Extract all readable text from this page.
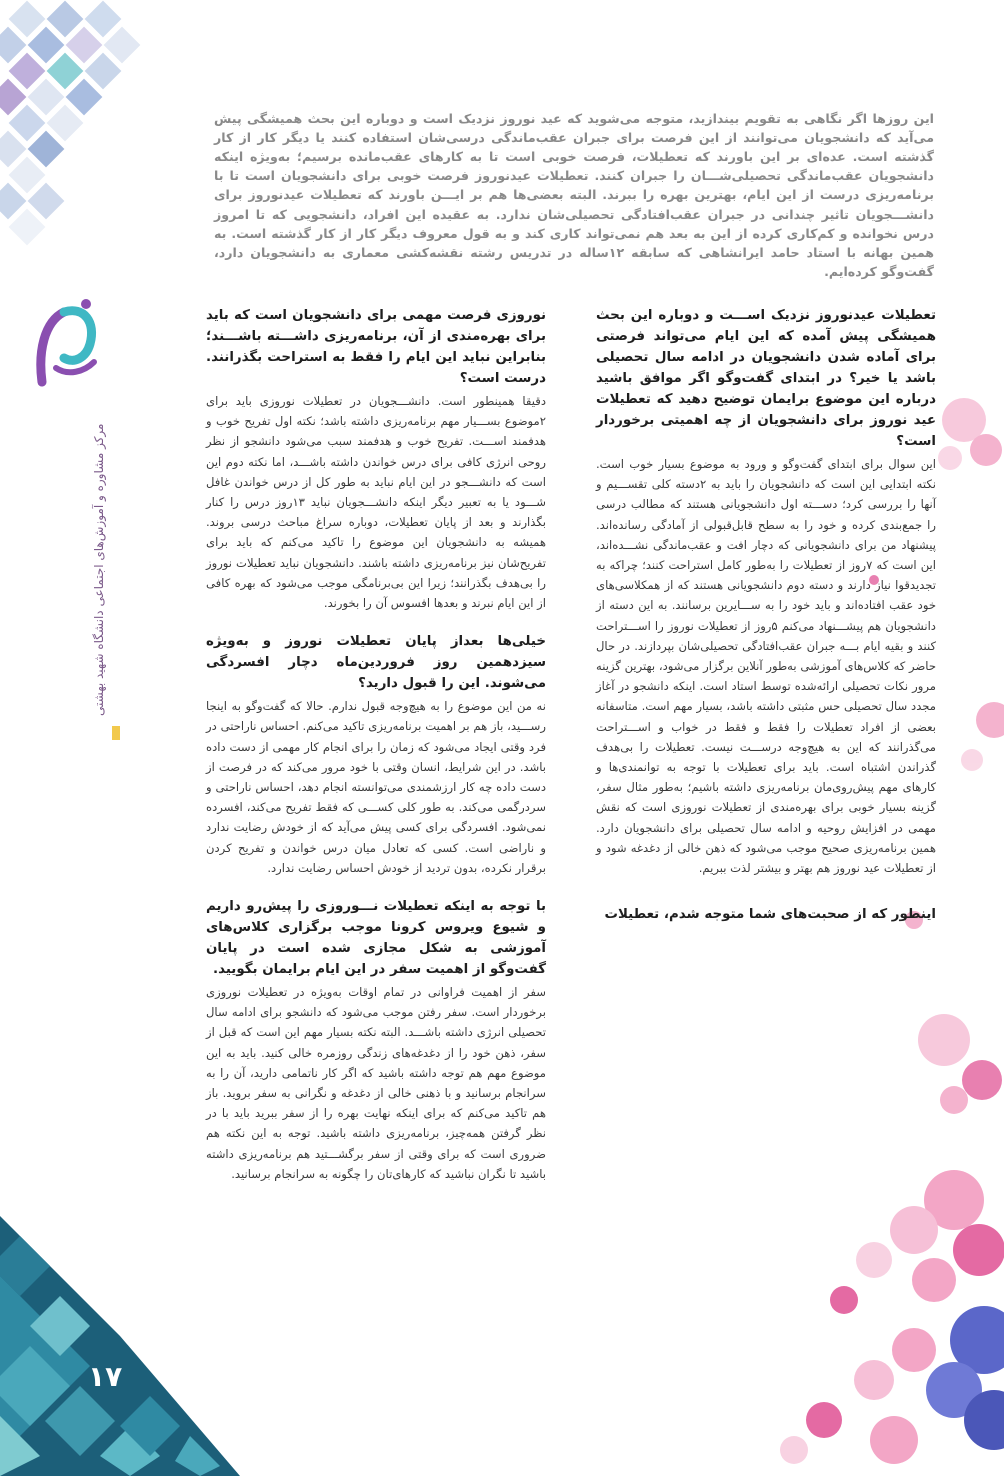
مرکز مشاوره و آموزش‌های اجتماعی دانشگاه شهید بهشتی
۱۷

این روزها اگر نگاهی به تقویم بیندازید، متوجه می‌شوید که عید نوروز نزدیک است و دوباره این بحث همیشگی پیش می‌آید که دانشجویان می‌توانند از این فرصت برای جبران عقب‌ماندگی درسی‌شان استفاده کنند یا دیگر کار از کار گذشته است. عده‌ای بر این باورند که تعطیلات، فرصت خوبی است تا به کارهای عقب‌مانده برسیم؛ به‌ویژه اینکه دانشجویان عقب‌ماندگی تحصیلی‌شـــان را جبران کنند. تعطیلات عیدنوروز فرصت خوبی برای دانشجویان است تا با برنامه‌ریزی درست از این ایام، بهترین بهره را ببرند. البته بعضی‌ها هم بر ایـــن باورند که تعطیلات عیدنوروز برای دانشـــجویان تاثیر چندانی در جبران عقب‌افتادگی تحصیلی‌شان ندارد. به عقیده این افراد، دانشجویی که تا امروز درس نخوانده و کم‌کاری کرده از این به بعد هم نمی‌تواند کاری کند و به قول معروف دیگر کار از کار گذشته است. به همین بهانه با استاد حامد ایرانشاهی که سابقه ۱۲ساله در تدریس رشته نقشه‌کشی معماری به دانشجویان دارد، گفت‌وگو کرده‌ایم.

تعطیلات عیدنوروز نزدیک اســـت و دوباره این بحث همیشگی پیش آمده که این ایام می‌تواند فرصتی برای آماده شدن دانشجویان در ادامه سال تحصیلی باشد یا خیر؟ در ابتدای گفت‌وگو اگر موافق باشید درباره این موضوع برایمان توضیح دهید که تعطیلات عید نوروز برای دانشجویان از چه اهمیتی برخوردار است؟

این سوال برای ابتدای گفت‌وگو و ورود به موضوع بسیار خوب است. نکته ابتدایی این است که دانشجویان را باید به ۲دسته کلی تقســـیم و آنها را بررسی کرد؛ دســـته اول دانشجویانی هستند که مطالب درسی را جمع‌بندی کرده و خود را به سطح قابل‌قبولی از آمادگی رسانده‌اند. پیشنهاد من برای دانشجویانی که دچار افت و عقب‌ماندگی نشـــده‌اند، این است که ۷روز از تعطیلات را به‌طور کامل استراحت کنند؛ چراکه به تجدیدقوا نیاز دارند و دسته دوم دانشجویانی هستند که از همکلاسی‌های خود عقب افتاده‌اند و باید خود را به ســـایرین برسانند. به این دسته از دانشجویان هم پیشـــنهاد می‌کنم ۵روز از تعطیلات نوروز را اســـتراحت کنند و بقیه ایام بـــه جبران عقب‌افتادگی تحصیلی‌شان بپردازند. در حال حاضر که کلاس‌های آموزشی به‌طور آنلاین برگزار می‌شود، بهترین گزینه مرور نکات تحصیلی ارائه‌شده توسط استاد است. اینکه دانشجو در آغاز مجدد سال تحصیلی حس مثبتی داشته باشد، بسیار مهم است. متاسفانه بعضی از افراد تعطیلات را فقط و فقط در خواب و اســـتراحت می‌گذرانند که این به هیچ‌وجه درســـت نیست. تعطیلات را بی‌هدف گذراندن اشتباه است. باید برای تعطیلات با توجه به توانمندی‌ها و کارهای مهم پیش‌روی‌مان برنامه‌ریزی داشته باشیم؛ به‌طور مثال سفر، گزینه بسیار خوبی برای بهره‌مندی از تعطیلات نوروزی است که نقش مهمی در افزایش روحیه و ادامه سال تحصیلی برای دانشجویان دارد. همین برنامه‌ریزی صحیح موجب می‌شود که ذهن خالی از دغدغه شود و از تعطیلات عید نوروز هم بهتر و بیشتر لذت ببریم.

اینطور که از صحبت‌های شما متوجه شدم، تعطیلات

نوروزی فرصت مهمی برای دانشجویان است که باید برای بهره‌مندی از آن، برنامه‌ریزی داشـــته باشـــند؛ بنابراین نباید این ایام را فقط به استراحت بگذرانند. درست است؟

دقیقا همینطور است. دانشـــجویان در تعطیلات نوروزی باید برای ۲موضوع بســـیار مهم برنامه‌ریزی داشته باشد؛ نکته اول تفریح خوب و هدفمند اســـت. تفریح خوب و هدفمند سبب می‌شود دانشجو از نظر روحی انرژی کافی برای درس خواندن داشته باشـــد، اما نکته دوم این است که دانشـــجو در این ایام نباید به طور کل از درس خواندن غافل شـــود یا به تعبیر دیگر اینکه دانشـــجویان نباید ۱۳روز درس را کنار بگذارند و بعد از پایان تعطیلات، دوباره سراغ مباحث درسی بروند. همیشه به دانشجویان این موضوع را تاکید می‌کنم که باید برای تفریح‌شان نیز برنامه‌ریزی داشته باشند. دانشجویان نباید تعطیلات نوروز را بی‌هدف بگذرانند؛ زیرا این بی‌برنامگی موجب می‌شود که بهره کافی از این ایام نبرند و بعدها افسوس آن را بخورند.

خیلی‌ها بعداز پایان تعطیلات نوروز و به‌ویژه سیزدهمین روز فروردین‌ماه دچار افسردگی می‌شوند. این را قبول دارید؟

نه من این موضوع را به هیچ‌وجه قبول ندارم. حالا که گفت‌وگو به اینجا رســـید، باز هم بر اهمیت برنامه‌ریزی تاکید می‌کنم. احساس ناراحتی در فرد وقتی ایجاد می‌شود که زمان را برای انجام کار مهمی از دست داده باشد. در این شرایط، انسان وقتی با خود مرور می‌کند که در فرصت از دست داده چه کار ارزشمندی می‌توانسته انجام دهد، احساس ناراحتی و سردرگمی می‌کند. به طور کلی کســـی که فقط تفریح می‌کند، افسرده نمی‌شود. افسردگی برای کسی پیش می‌آید که از خودش رضایت ندارد و ناراضی است. کسی که تعادل میان درس خواندن و تفریح کردن برقرار نکرده، بدون تردید از خودش احساس رضایت ندارد.

با توجه به اینکه تعطیلات نـــوروزی را پیش‌رو داریم و شیوع ویروس کرونا موجب برگزاری کلاس‌های آموزشی به شکل مجازی شده است در پایان گفت‌وگو از اهمیت سفر در این ایام برایمان بگویید.

سفر از اهمیت فراوانی در تمام اوقات به‌ویژه در تعطیلات نوروزی برخوردار است. سفر رفتن موجب می‌شود که دانشجو برای ادامه سال تحصیلی انرژی داشته باشـــد. البته نکته بسیار مهم این است که قبل از سفر، ذهن خود را از دغدغه‌های زندگی روزمره خالی کنید. باید به این موضوع مهم هم توجه داشته باشید که اگر کار ناتمامی دارید، آن را به سرانجام برسانید و با ذهنی خالی از دغدغه و نگرانی به سفر بروید. باز هم تاکید می‌کنم که برای اینکه نهایت بهره را از سفر ببرید باید با در نظر گرفتن همه‌چیز، برنامه‌ریزی داشته باشید. توجه به این نکته هم ضروری است که برای وقتی از سفر برگشـــتید هم برنامه‌ریزی داشته باشید تا نگران نباشید که کارهای‌تان را چگونه به سرانجام برسانید.
